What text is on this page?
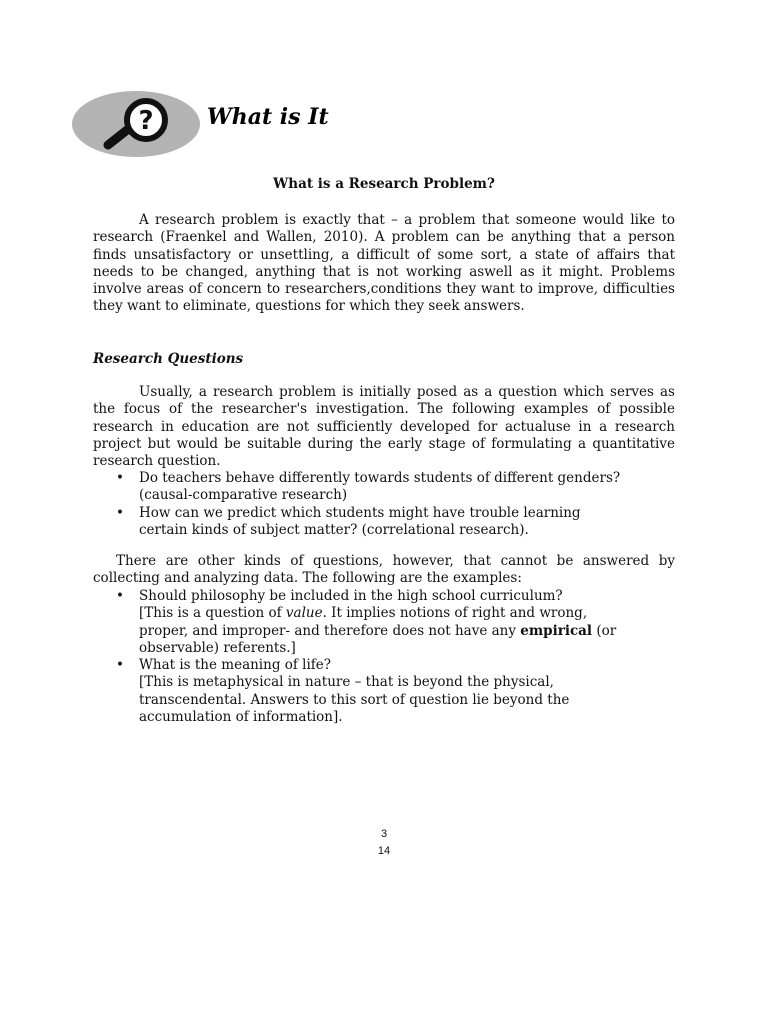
? What is It
What is a Research Problem?
A research problem is exactly that – a problem that someone would like to research (Fraenkel and Wallen, 2010). A problem can be anything that a person finds unsatisfactory or unsettling, a difficult of some sort, a state of affairs that needs to be changed, anything that is not working aswell as it might. Problems involve areas of concern to researchers,conditions they want to improve, difficulties they want to eliminate, questions for which they seek answers.
Research Questions
Usually, a research problem is initially posed as a question which serves as the focus of the researcher's investigation. The following examples of possible research in education are not sufficiently developed for actualuse in a research project but would be suitable during the early stage of formulating a quantitative research question.
• Do teachers behave differently towards students of different genders?
(causal-comparative research)
• How can we predict which students might have trouble learning
certain kinds of subject matter? (correlational research).
There are other kinds of questions, however, that cannot be answered by collecting and analyzing data. The following are the examples:
• Should philosophy be included in the high school curriculum?
[This is a question of value. It implies notions of right and wrong,
proper, and improper- and therefore does not have any empirical (or
observable) referents.]
• What is the meaning of life?
[This is metaphysical in nature – that is beyond the physical,
transcendental. Answers to this sort of question lie beyond the
accumulation of information].
3
14
